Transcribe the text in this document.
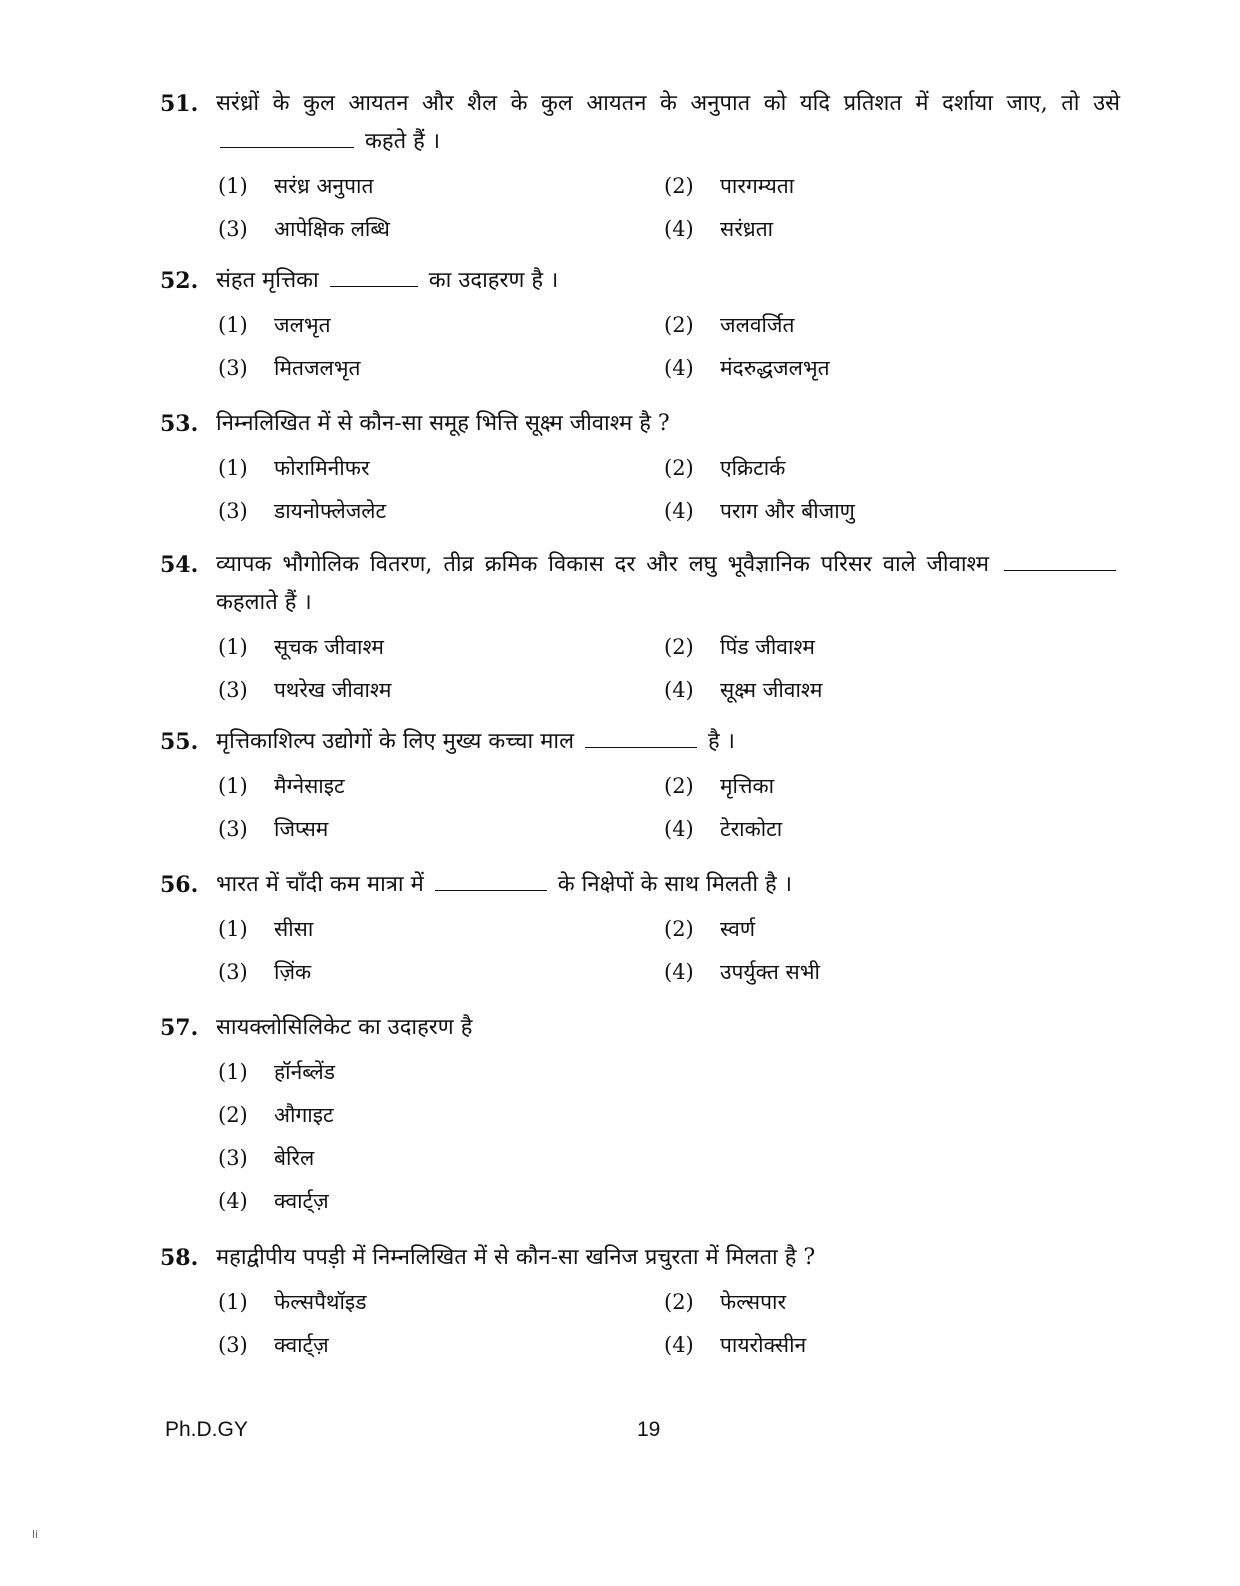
51. सरंध्रों के कुल आयतन और शैल के कुल आयतन के अनुपात को यदि प्रतिशत में दर्शाया जाए, तो उसे  कहते हैं ।
(1)	सरंध्र अनुपात	(2)	पारगम्यता
(3)	आपेक्षिक लब्धि	(4)	सरंध्रता
52. संहत मृत्तिका	का उदाहरण है ।
(1)	जलभृत	(2)	जलवर्जित
(3)	मितजलभृत	(4)	मंदरुद्धजलभृत
53. निम्नलिखित में से कौन-सा समूह भित्ति सूक्ष्म जीवाश्म है ?
(1)	फोरामिनीफर	(2)	एक्रिटार्क
(3)	डायनोफ्लेजलेट	(4)	पराग और बीजाणु
54. व्यापक भौगोलिक वितरण, तीव्र क्रमिक विकास दर और लघु भूवैज्ञानिक परिसर वाले जीवाश्म  कहलाते हैं ।
(1)	सूचक जीवाश्म	(2)	पिंड जीवाश्म
(3)	पथरेख जीवाश्म	(4)	सूक्ष्म जीवाश्म
55. मृत्तिकाशिल्प उद्योगों के लिए मुख्य कच्चा माल	है ।
(1)	मैग्नेसाइट	(2)	मृत्तिका
(3)	जिप्सम	(4)	टेराकोटा
56. भारत में चाँदी कम मात्रा में	के निक्षेपों के साथ मिलती है ।
(1)	सीसा	(2)	स्वर्ण
(3)	ज़िंक	(4)	उपर्युक्त सभी
57. सायक्लोसिलिकेट का उदाहरण है
(1)	हॉर्नब्लेंड
(2)	औगाइट
(3)	बेरिल
(4)	क्वार्ट्ज़
58. महाद्वीपीय पपड़ी में निम्नलिखित में से कौन-सा खनिज प्रचुरता में मिलता है ?
(1)	फेल्सपैथॉइड	(2)	फेल्सपार
(3)	क्वार्ट्ज़	(4)	पायरोक्सीन
Ph.D.GY	19
li
